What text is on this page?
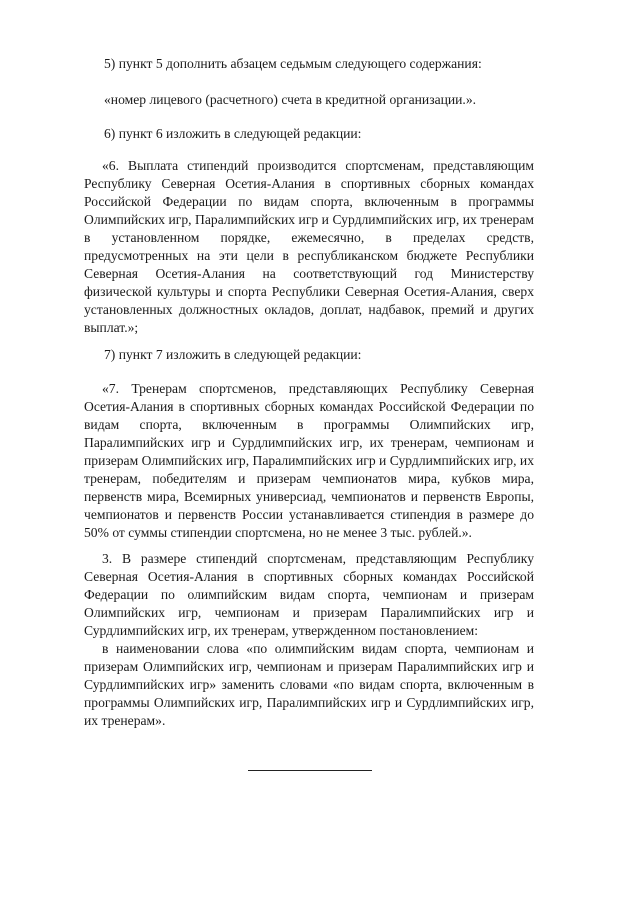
5) пункт 5 дополнить абзацем седьмым следующего содержания:

«номер лицевого (расчетного) счета в кредитной организации.».

6) пункт 6 изложить в следующей редакции:

«6. Выплата стипендий производится спортсменам, представляющим Республику Северная Осетия-Алания в спортивных сборных командах Российской Федерации по видам спорта, включенным в программы Олимпийских игр, Паралимпийских игр и Сурдлимпийских игр, их тренерам в установленном порядке, ежемесячно, в пределах средств, предусмотренных на эти цели в республиканском бюджете Республики Северная Осетия-Алания на соответствующий год Министерству физической культуры и спорта Республики Северная Осетия-Алания, сверх установленных должностных окладов, доплат, надбавок, премий и других выплат.»;

7) пункт 7 изложить в следующей редакции:

«7. Тренерам спортсменов, представляющих Республику Северная Осетия-Алания в спортивных сборных командах Российской Федерации по видам спорта, включенным в программы Олимпийских игр, Паралимпийских игр и Сурдлимпийских игр, их тренерам, чемпионам и призерам Олимпийских игр, Паралимпийских игр и Сурдлимпийских игр, их тренерам, победителям и призерам чемпионатов мира, кубков мира, первенств мира, Всемирных универсиад, чемпионатов и первенств Европы, чемпионатов и первенств России устанавливается стипендия в размере до 50% от суммы стипендии спортсмена, но не менее 3 тыс. рублей.».

3. В размере стипендий спортсменам, представляющим Республику Северная Осетия-Алания в спортивных сборных командах Российской Федерации по олимпийским видам спорта, чемпионам и призерам Олимпийских игр, чемпионам и призерам Паралимпийских игр и Сурдлимпийских игр, их тренерам, утвержденном постановлением:

в наименовании слова «по олимпийским видам спорта, чемпионам и призерам Олимпийских игр, чемпионам и призерам Паралимпийских игр и Сурдлимпийских игр» заменить словами «по видам спорта, включенным в программы Олимпийских игр, Паралимпийских игр и Сурдлимпийских игр, их тренерам».
